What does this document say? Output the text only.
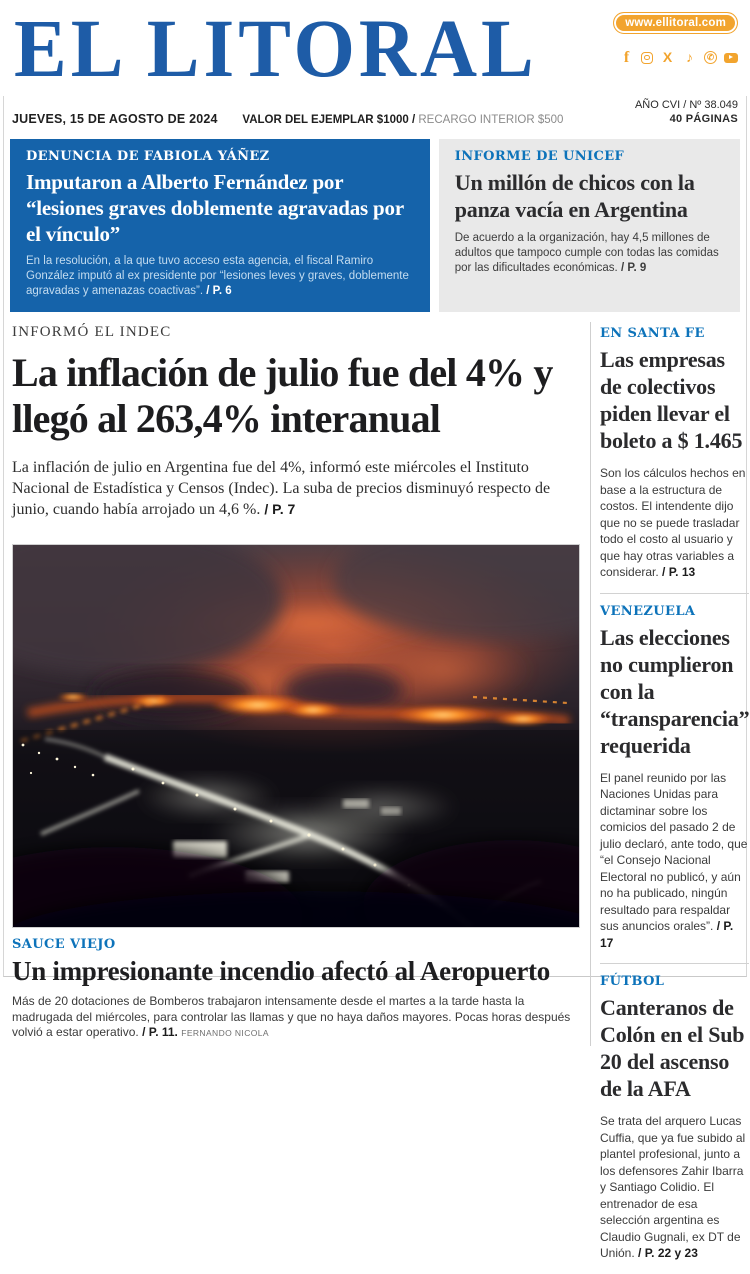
EL LITORAL	www.ellitoral.com
f	X ♪	✆
JUEVES, 15 DE AGOSTO DE 2024	VALOR DEL EJEMPLAR $1000 / RECARGO INTERIOR $500
AÑO CVI / Nº 38.049
40 PÁGINAS
DENUNCIA DE FABIOLA YÁÑEZ
Imputaron a Alberto Fernández por “lesiones graves doblemente agravadas por el vínculo”

En la resolución, a la que tuvo acceso esta agencia, el fiscal Ramiro González imputó al ex presidente por “lesiones leves y graves, doblemente agravadas y amenazas coactivas”. / P. 6

INFORME DE UNICEF
Un millón de chicos con la panza vacía en Argentina

De acuerdo a la organización, hay 4,5 millones de adultos que tampoco cumple con todas las comidas por las dificultades económicas. / P. 9

INFORMÓ EL INDEC
La inflación de julio fue del 4% y llegó al 263,4% interanual

La inflación de julio en Argentina fue del 4%, informó este miércoles el Instituto Nacional de Estadística y Censos (Indec). La suba de precios disminuyó respecto de junio, cuando había arrojado un 4,6 %. / P. 7

SAUCE VIEJO
Un impresionante incendio afectó al Aeropuerto

Más de 20 dotaciones de Bomberos trabajaron intensamente desde el martes a la tarde hasta la madrugada del miércoles, para controlar las llamas y que no haya daños mayores. Pocas horas después volvió a estar operativo. / P. 11. FERNANDO NICOLA

EN SANTA FE
Las empresas de colectivos piden llevar el boleto a $ 1.465

Son los cálculos hechos en base a la estructura de costos. El intendente dijo que no se puede trasladar todo el costo al usuario y que hay otras variables a considerar. / P. 13

VENEZUELA
Las elecciones no cumplieron con la “transparencia” requerida

El panel reunido por las Naciones Unidas para dictaminar sobre los comicios del pasado 2 de julio declaró, ante todo, que “el Consejo Nacional Electoral no publicó, y aún no ha publicado, ningún resultado para respaldar sus anuncios orales”. / P. 17

FÚTBOL
Canteranos de Colón en el Sub 20 del ascenso de la AFA

Se trata del arquero Lucas Cuffia, que ya fue subido al plantel profesional, junto a los defensores Zahir Ibarra y Santiago Colidio. El entrenador de esa selección argentina es Claudio Gugnali, ex DT de Unión. / P. 22 y 23
